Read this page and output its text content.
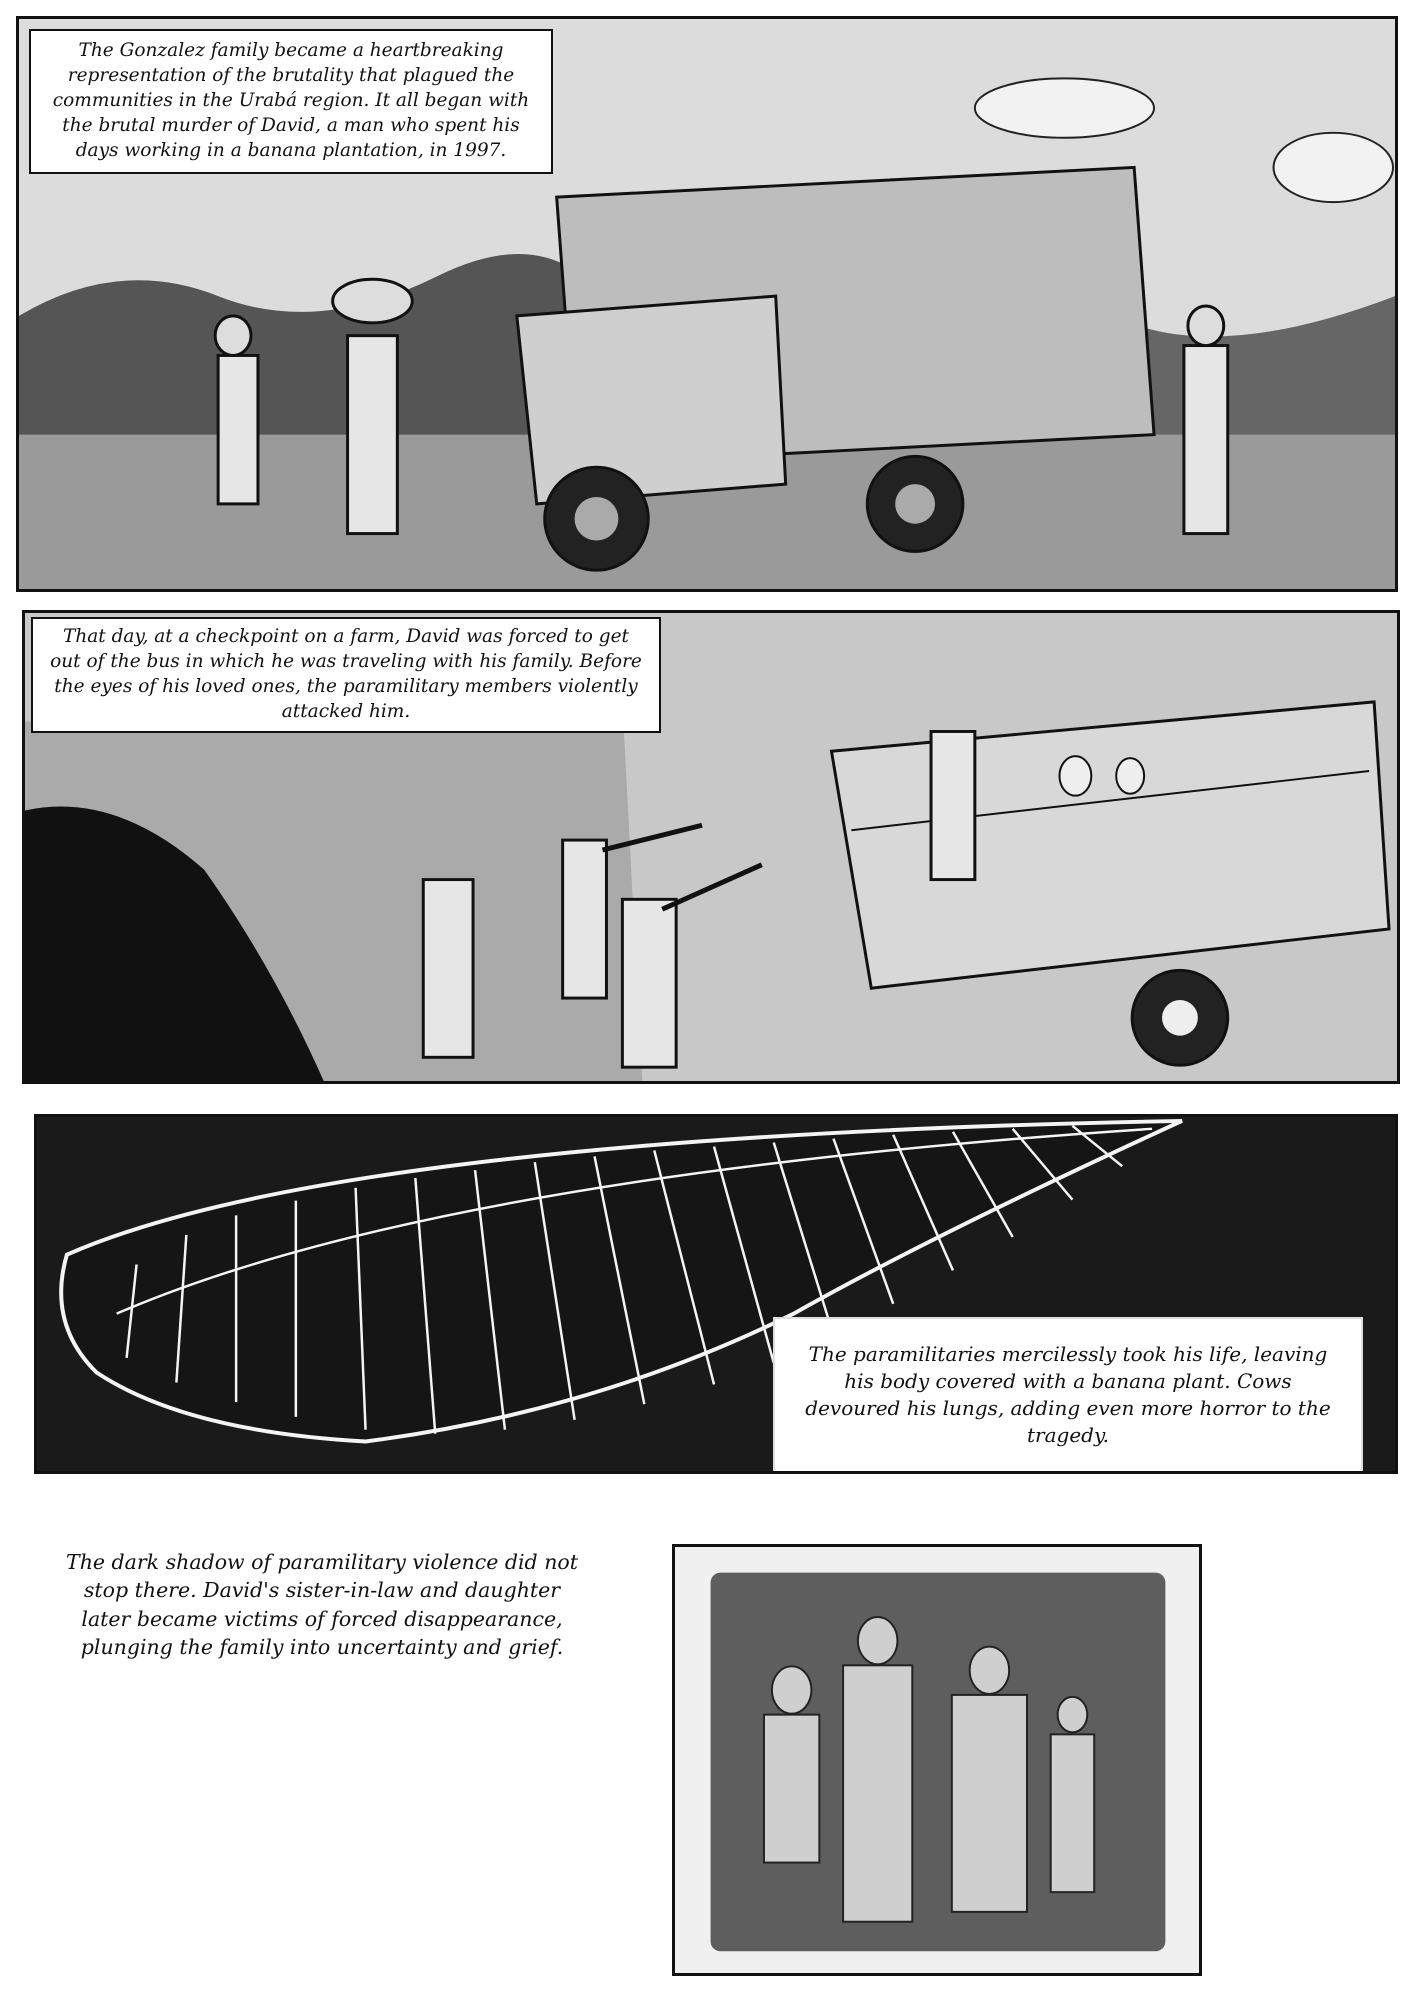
The Gonzalez family became a heartbreaking representation of the brutality that plagued the communities in the Urabá region. It all began with the brutal murder of David, a man who spent his days working in a banana plantation, in 1997.
That day, at a checkpoint on a farm, David was forced to get out of the bus in which he was traveling with his family. Before the eyes of his loved ones, the paramilitary members violently attacked him.
The paramilitaries mercilessly took his life, leaving his body covered with a banana plant. Cows devoured his lungs, adding even more horror to the tragedy.
The dark shadow of paramilitary violence did not stop there. David's sister-in-law and daughter later became victims of forced disappearance, plunging the family into uncertainty and grief.
